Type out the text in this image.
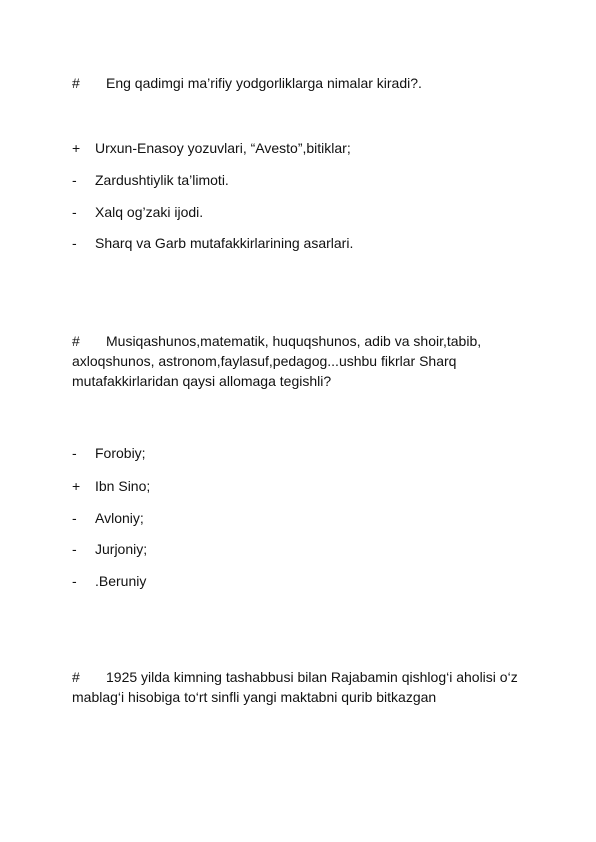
# Eng qadimgi ma’rifiy yodgorliklarga nimalar kiradi?.
+ Urxun-Enasoy yozuvlari, “Avesto”,bitiklar;
- Zardushtiylik ta’limoti.
- Xalq og’zaki ijodi.
- Sharq va Garb mutafakkirlarining asarlari.
# Musiqashunos,matematik, huquqshunos, adib va shoir,tabib, axloqshunos, astronom,faylasuf,pedagog...ushbu fikrlar Sharq mutafakkirlaridan qaysi allomaga tegishli?
- Forobiy;
+ Ibn Sino;
- Avloniy;
- Jurjoniy;
- .Beruniy
# 1925 yilda kimning tashabbusi bilan Rajabamin qishlog‘i aholisi o‘z mablag‘i hisobiga to‘rt sinfli yangi maktabni qurib bitkazgan
